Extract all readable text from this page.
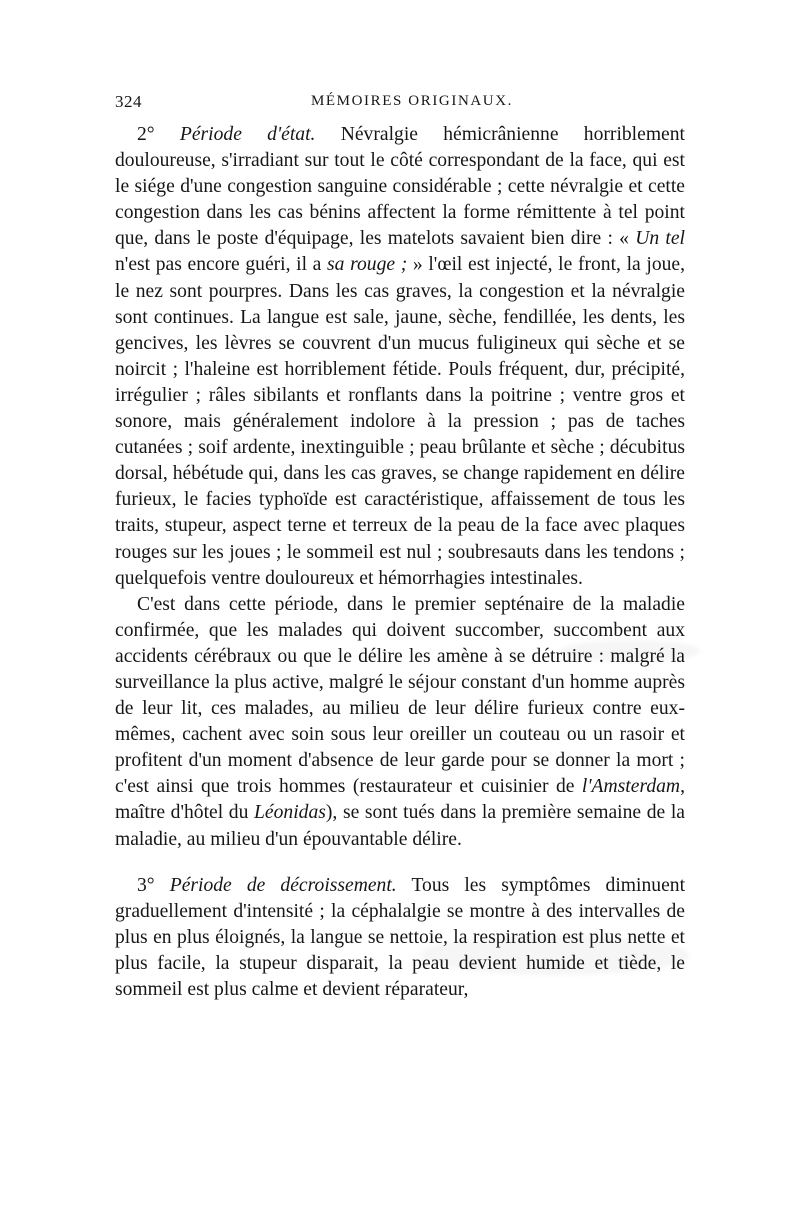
324	MÉMOIRES ORIGINAUX.

2° Période d'état. Névralgie hémicrânienne horriblement douloureuse, s'irradiant sur tout le côté correspondant de la face, qui est le siége d'une congestion sanguine considérable ; cette névralgie et cette congestion dans les cas bénins affectent la forme rémittente à tel point que, dans le poste d'équipage, les matelots savaient bien dire : « Un tel n'est pas encore guéri, il a sa rouge ; » l'œil est injecté, le front, la joue, le nez sont pourpres. Dans les cas graves, la congestion et la névralgie sont continues. La langue est sale, jaune, sèche, fendillée, les dents, les gencives, les lèvres se couvrent d'un mucus fuligineux qui sèche et se noircit ; l'haleine est horriblement fétide. Pouls fréquent, dur, précipité, irrégulier ; râles sibilants et ronflants dans la poitrine ; ventre gros et sonore, mais généralement indolore à la pression ; pas de taches cutanées ; soif ardente, inextinguible ; peau brûlante et sèche ; décubitus dorsal, hébétude qui, dans les cas graves, se change rapidement en délire furieux, le facies typhoïde est caractéristique, affaissement de tous les traits, stupeur, aspect terne et terreux de la peau de la face avec plaques rouges sur les joues ; le sommeil est nul ; soubresauts dans les tendons ; quelquefois ventre douloureux et hémorrhagies intestinales.

C'est dans cette période, dans le premier septénaire de la maladie confirmée, que les malades qui doivent succomber, succombent aux accidents cérébraux ou que le délire les amène à se détruire : malgré la surveillance la plus active, malgré le séjour constant d'un homme auprès de leur lit, ces malades, au milieu de leur délire furieux contre eux-mêmes, cachent avec soin sous leur oreiller un couteau ou un rasoir et profitent d'un moment d'absence de leur garde pour se donner la mort ; c'est ainsi que trois hommes (restaurateur et cuisinier de l'Amsterdam, maître d'hôtel du Léonidas), se sont tués dans la première semaine de la maladie, au milieu d'un épouvantable délire.

3° Période de décroissement. Tous les symptômes diminuent graduellement d'intensité ; la céphalalgie se montre à des intervalles de plus en plus éloignés, la langue se nettoie, la respiration est plus nette et plus facile, la stupeur disparait, la peau devient humide et tiède, le sommeil est plus calme et devient réparateur,
